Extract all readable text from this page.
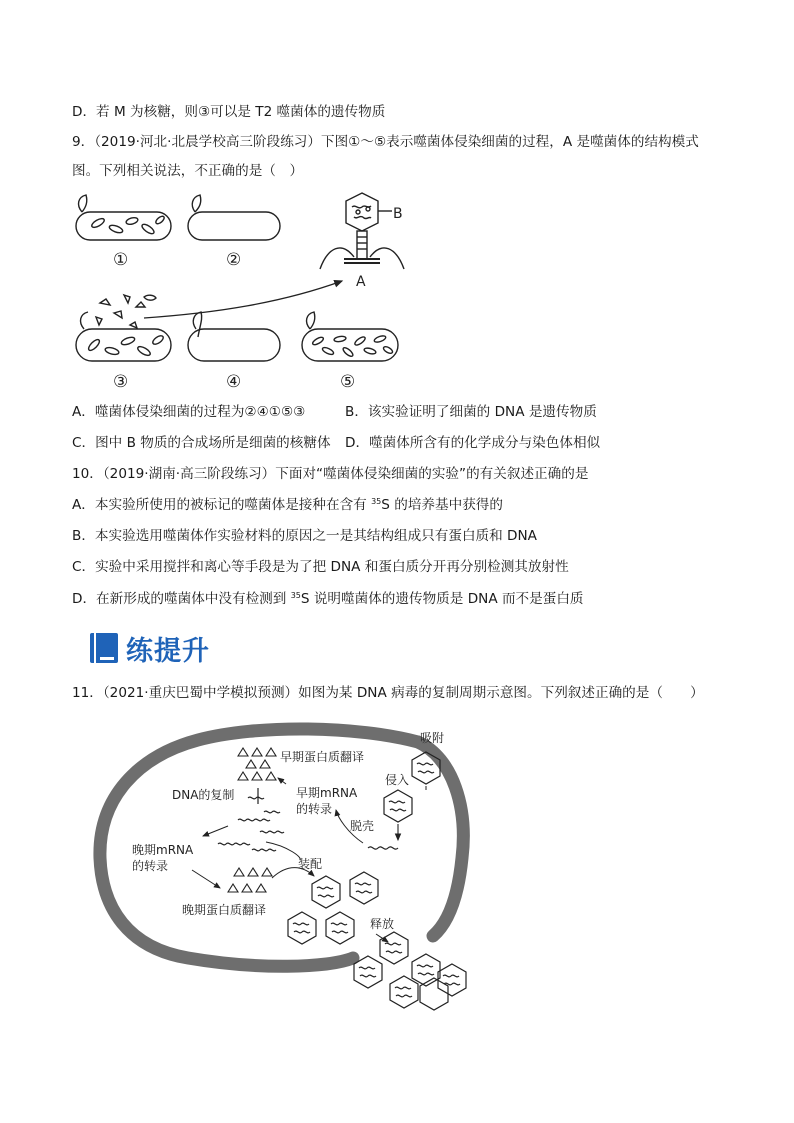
D．若 M 为核糖，则③可以是 T2 噬菌体的遗传物质
9．（2019·河北·北晨学校高三阶段练习）下图①～⑤表示噬菌体侵染细菌的过程，A 是噬菌体的结构模式
图。下列相关说法，不正确的是（　）
①	②
B
A
③	④	⑤
A．噬菌体侵染细菌的过程为②④①⑤③	B．该实验证明了细菌的 DNA 是遗传物质
C．图中 B 物质的合成场所是细菌的核糖体 D．噬菌体所含有的化学成分与染色体相似
10．（2019·湖南·高三阶段练习）下面对“噬菌体侵染细菌的实验”的有关叙述正确的是
A．本实验所使用的被标记的噬菌体是接种在含有 $^{35}$S 的培养基中获得的
B．本实验选用噬菌体作实验材料的原因之一是其结构组成只有蛋白质和 DNA
C．实验中采用搅拌和离心等手段是为了把 DNA 和蛋白质分开再分别检测其放射性
D．在新形成的噬菌体中没有检测到 $^{35}$S 说明噬菌体的遗传物质是 DNA 而不是蛋白质
练提升
11．（2021·重庆巴蜀中学模拟预测）如图为某 DNA 病毒的复制周期示意图。下列叙述正确的是（　　）
吸附
侵入
脱壳
早期蛋白质翻译
DNA的复制	早期mRNA
的转录
晚期mRNA
的转录
晚期蛋白质翻译
装配
释放
